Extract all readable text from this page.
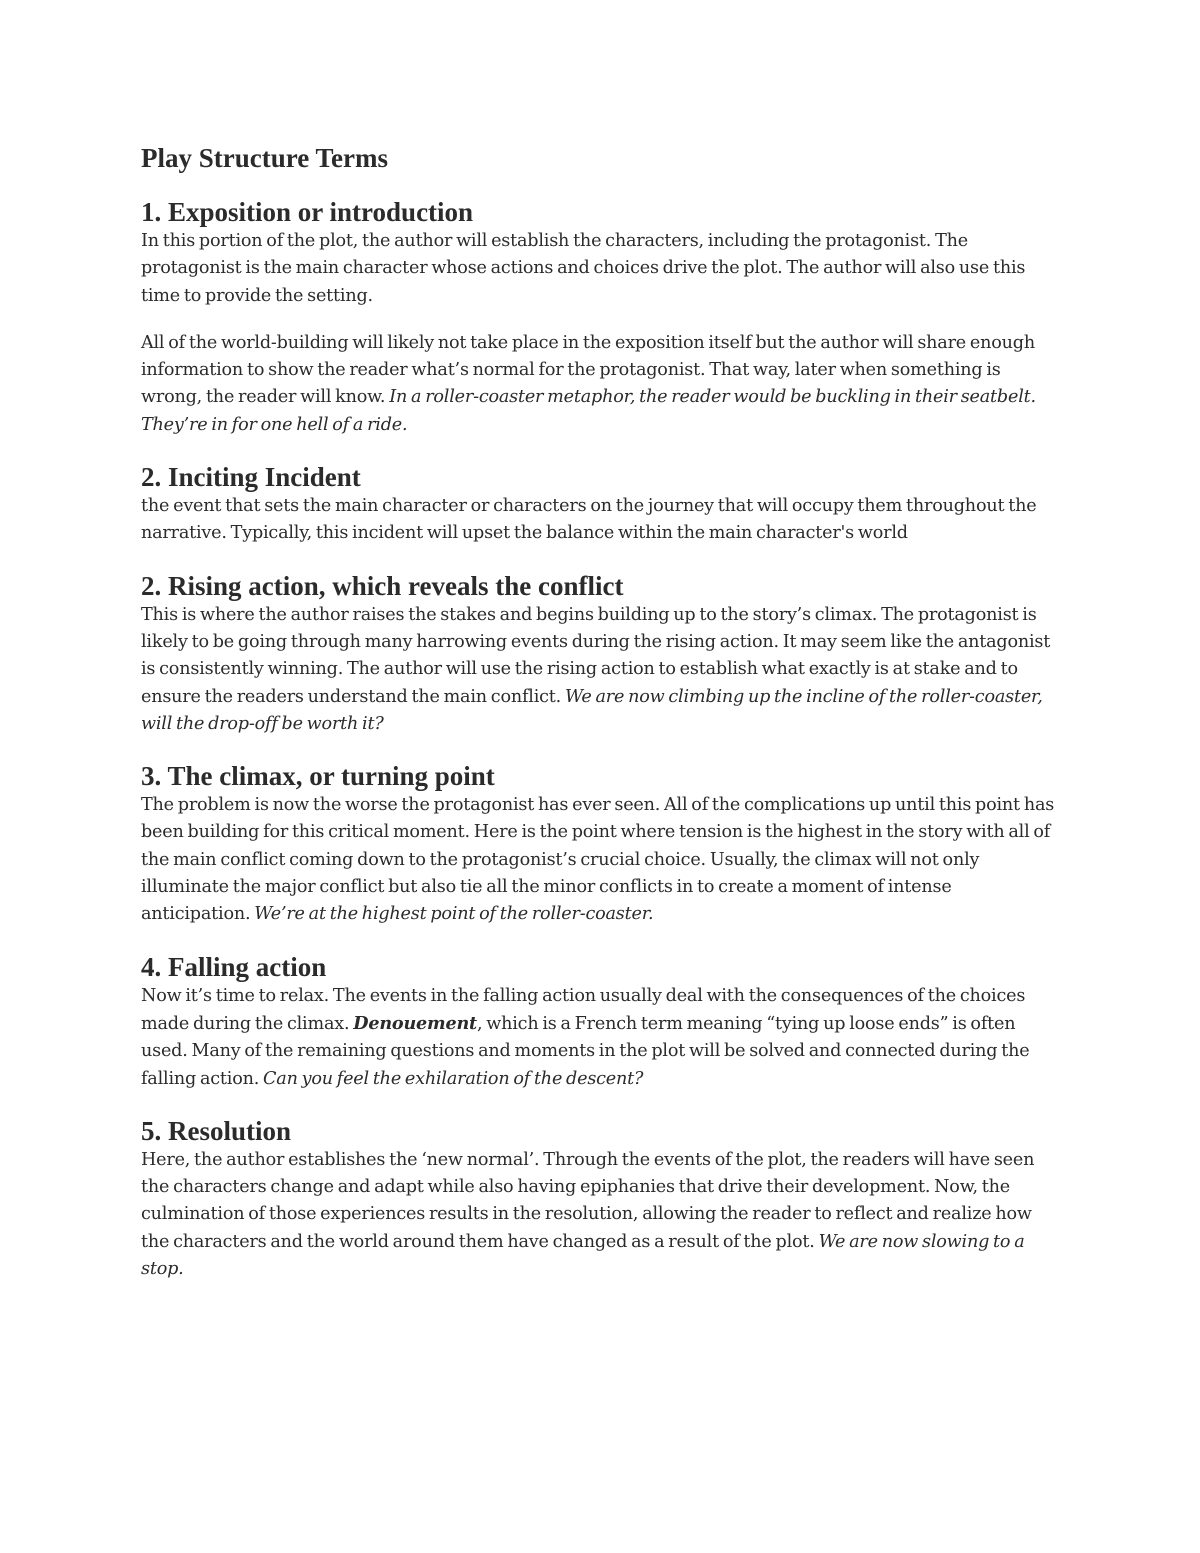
Play Structure Terms
1. Exposition or introduction

In this portion of the plot, the author will establish the characters, including the protagonist. The protagonist is the main character whose actions and choices drive the plot. The author will also use this time to provide the setting.

All of the world-building will likely not take place in the exposition itself but the author will share enough information to show the reader what’s normal for the protagonist. That way, later when something is wrong, the reader will know. In a roller-coaster metaphor, the reader would be buckling in their seatbelt. They’re in for one hell of a ride.

2. Inciting Incident

the event that sets the main character or characters on the journey that will occupy them throughout the narrative. Typically, this incident will upset the balance within the main character's world

2. Rising action, which reveals the conflict

This is where the author raises the stakes and begins building up to the story’s climax. The protagonist is likely to be going through many harrowing events during the rising action. It may seem like the antagonist is consistently winning. The author will use the rising action to establish what exactly is at stake and to ensure the readers understand the main conflict. We are now climbing up the incline of the roller-coaster, will the drop-off be worth it?

3. The climax, or turning point

The problem is now the worse the protagonist has ever seen. All of the complications up until this point has been building for this critical moment. Here is the point where tension is the highest in the story with all of the main conflict coming down to the protagonist’s crucial choice. Usually, the climax will not only illuminate the major conflict but also tie all the minor conflicts in to create a moment of intense anticipation. We’re at the highest point of the roller-coaster.

4. Falling action

Now it’s time to relax. The events in the falling action usually deal with the consequences of the choices made during the climax. Denouement, which is a French term meaning “tying up loose ends” is often used. Many of the remaining questions and moments in the plot will be solved and connected during the falling action. Can you feel the exhilaration of the descent?

5. Resolution

Here, the author establishes the ‘new normal’. Through the events of the plot, the readers will have seen the characters change and adapt while also having epiphanies that drive their development. Now, the culmination of those experiences results in the resolution, allowing the reader to reflect and realize how the characters and the world around them have changed as a result of the plot. We are now slowing to a stop.
